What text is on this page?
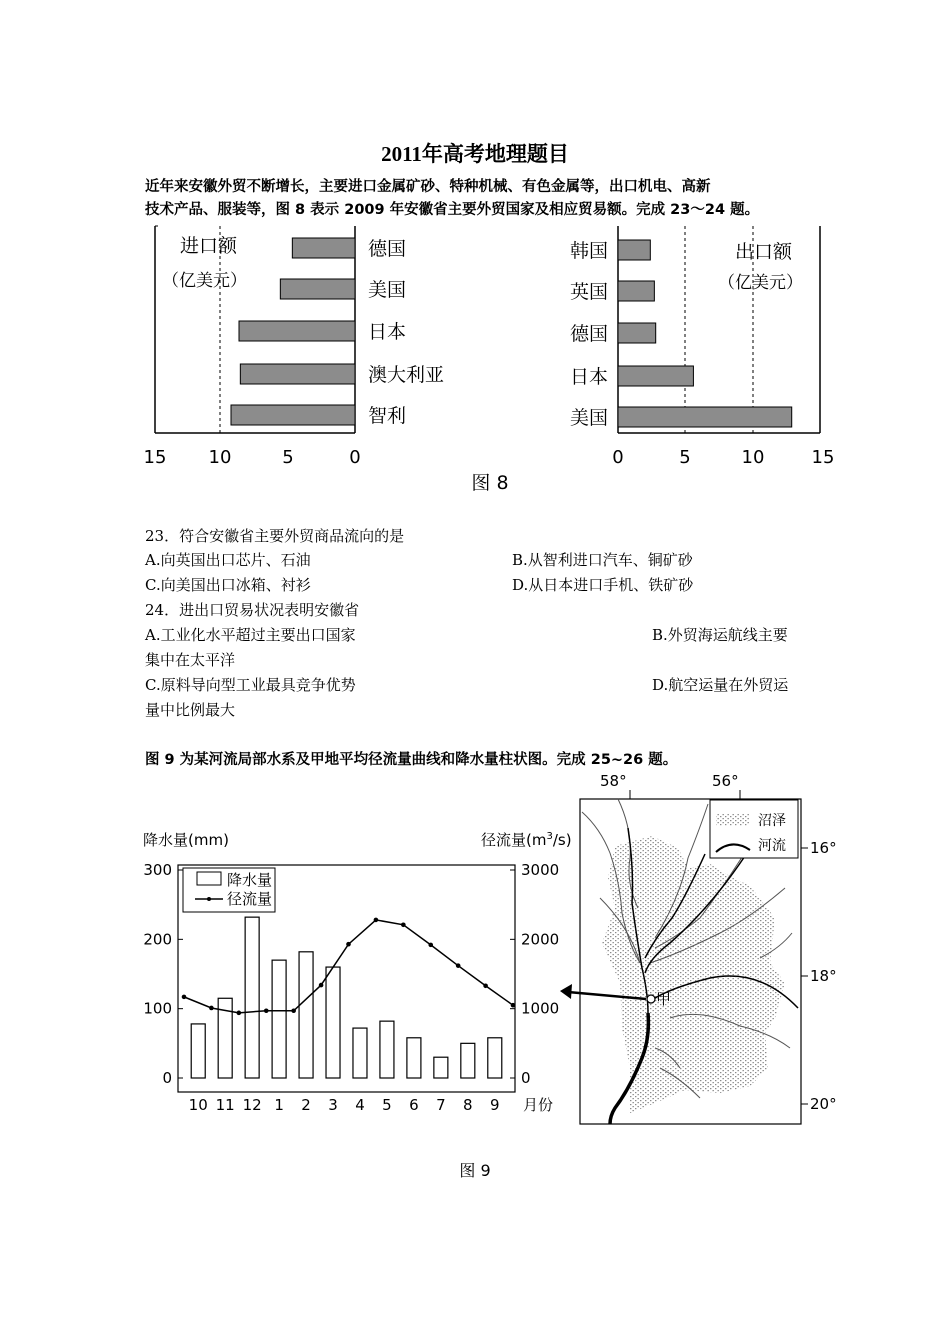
2011年高考地理题目
近年来安徽外贸不断增长，主要进口金属矿砂、特种机械、有色金属等，出口机电、高新
技术产品、服装等，图 8 表示 2009 年安徽省主要外贸国家及相应贸易额。完成 23～24 题。
进口额
（亿美元）
德国
美国
日本
澳大利亚
智利
15 10	5	0
出口额
（亿美元）
韩国
英国
德国
日本
美国
0	5	10	15
图 8
23．符合安徽省主要外贸商品流向的是
A.向英国出口芯片、石油	B.从智利进口汽车、铜矿砂
C.向美国出口冰箱、衬衫	D.从日本进口手机、铁矿砂
24．进出口贸易状况表明安徽省
A.工业化水平超过主要出口国家	B.外贸海运航线主要
集中在太平洋
C.原料导向型工业最具竞争优势	D.航空运量在外贸运
量中比例最大
图 9 为某河流局部水系及甲地平均径流量曲线和降水量柱状图。完成 25~26 题。
降水量(mm)	径流量$(m^3/s)$
300	3000
200	2000
100	1000
0	0
10 11 12 1 2 3 4 5 6 7 8 9
降水量
径流量
月份
58°	56°
甲
沼泽
河流 16°
18°
20°
图 9
